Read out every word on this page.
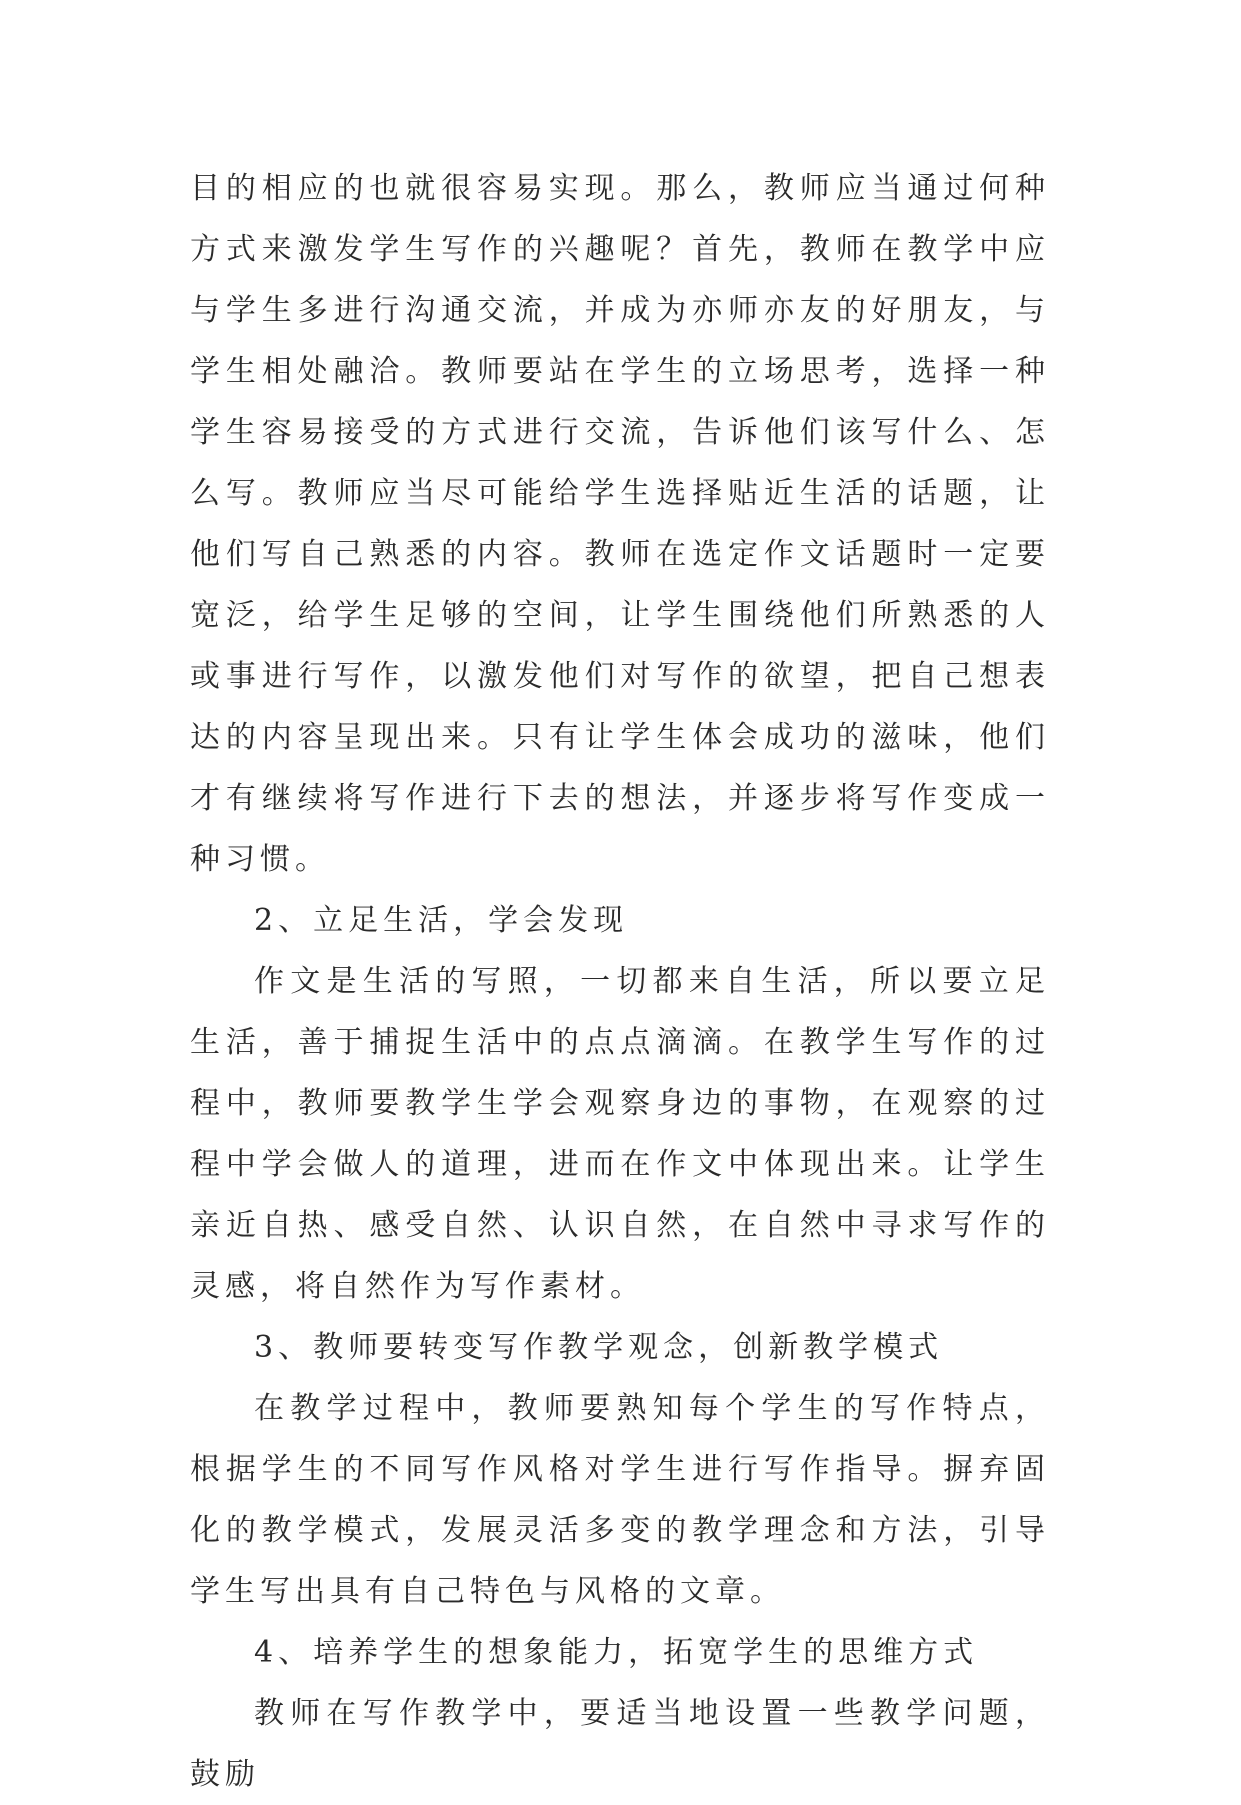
目的相应的也就很容易实现。那么，教师应当通过何种方式来激发学生写作的兴趣呢？首先，教师在教学中应与学生多进行沟通交流，并成为亦师亦友的好朋友，与学生相处融洽。教师要站在学生的立场思考，选择一种学生容易接受的方式进行交流，告诉他们该写什么、怎么写。教师应当尽可能给学生选择贴近生活的话题，让他们写自己熟悉的内容。教师在选定作文话题时一定要宽泛，给学生足够的空间，让学生围绕他们所熟悉的人或事进行写作，以激发他们对写作的欲望，把自己想表达的内容呈现出来。只有让学生体会成功的滋味，他们才有继续将写作进行下去的想法，并逐步将写作变成一种习惯。

2、立足生活，学会发现

作文是生活的写照，一切都来自生活，所以要立足生活，善于捕捉生活中的点点滴滴。在教学生写作的过程中，教师要教学生学会观察身边的事物，在观察的过程中学会做人的道理，进而在作文中体现出来。让学生亲近自热、感受自然、认识自然，在自然中寻求写作的灵感，将自然作为写作素材。

3、教师要转变写作教学观念，创新教学模式

在教学过程中，教师要熟知每个学生的写作特点，根据学生的不同写作风格对学生进行写作指导。摒弃固化的教学模式，发展灵活多变的教学理念和方法，引导学生写出具有自己特色与风格的文章。

4、培养学生的想象能力，拓宽学生的思维方式

教师在写作教学中，要适当地设置一些教学问题，鼓励
